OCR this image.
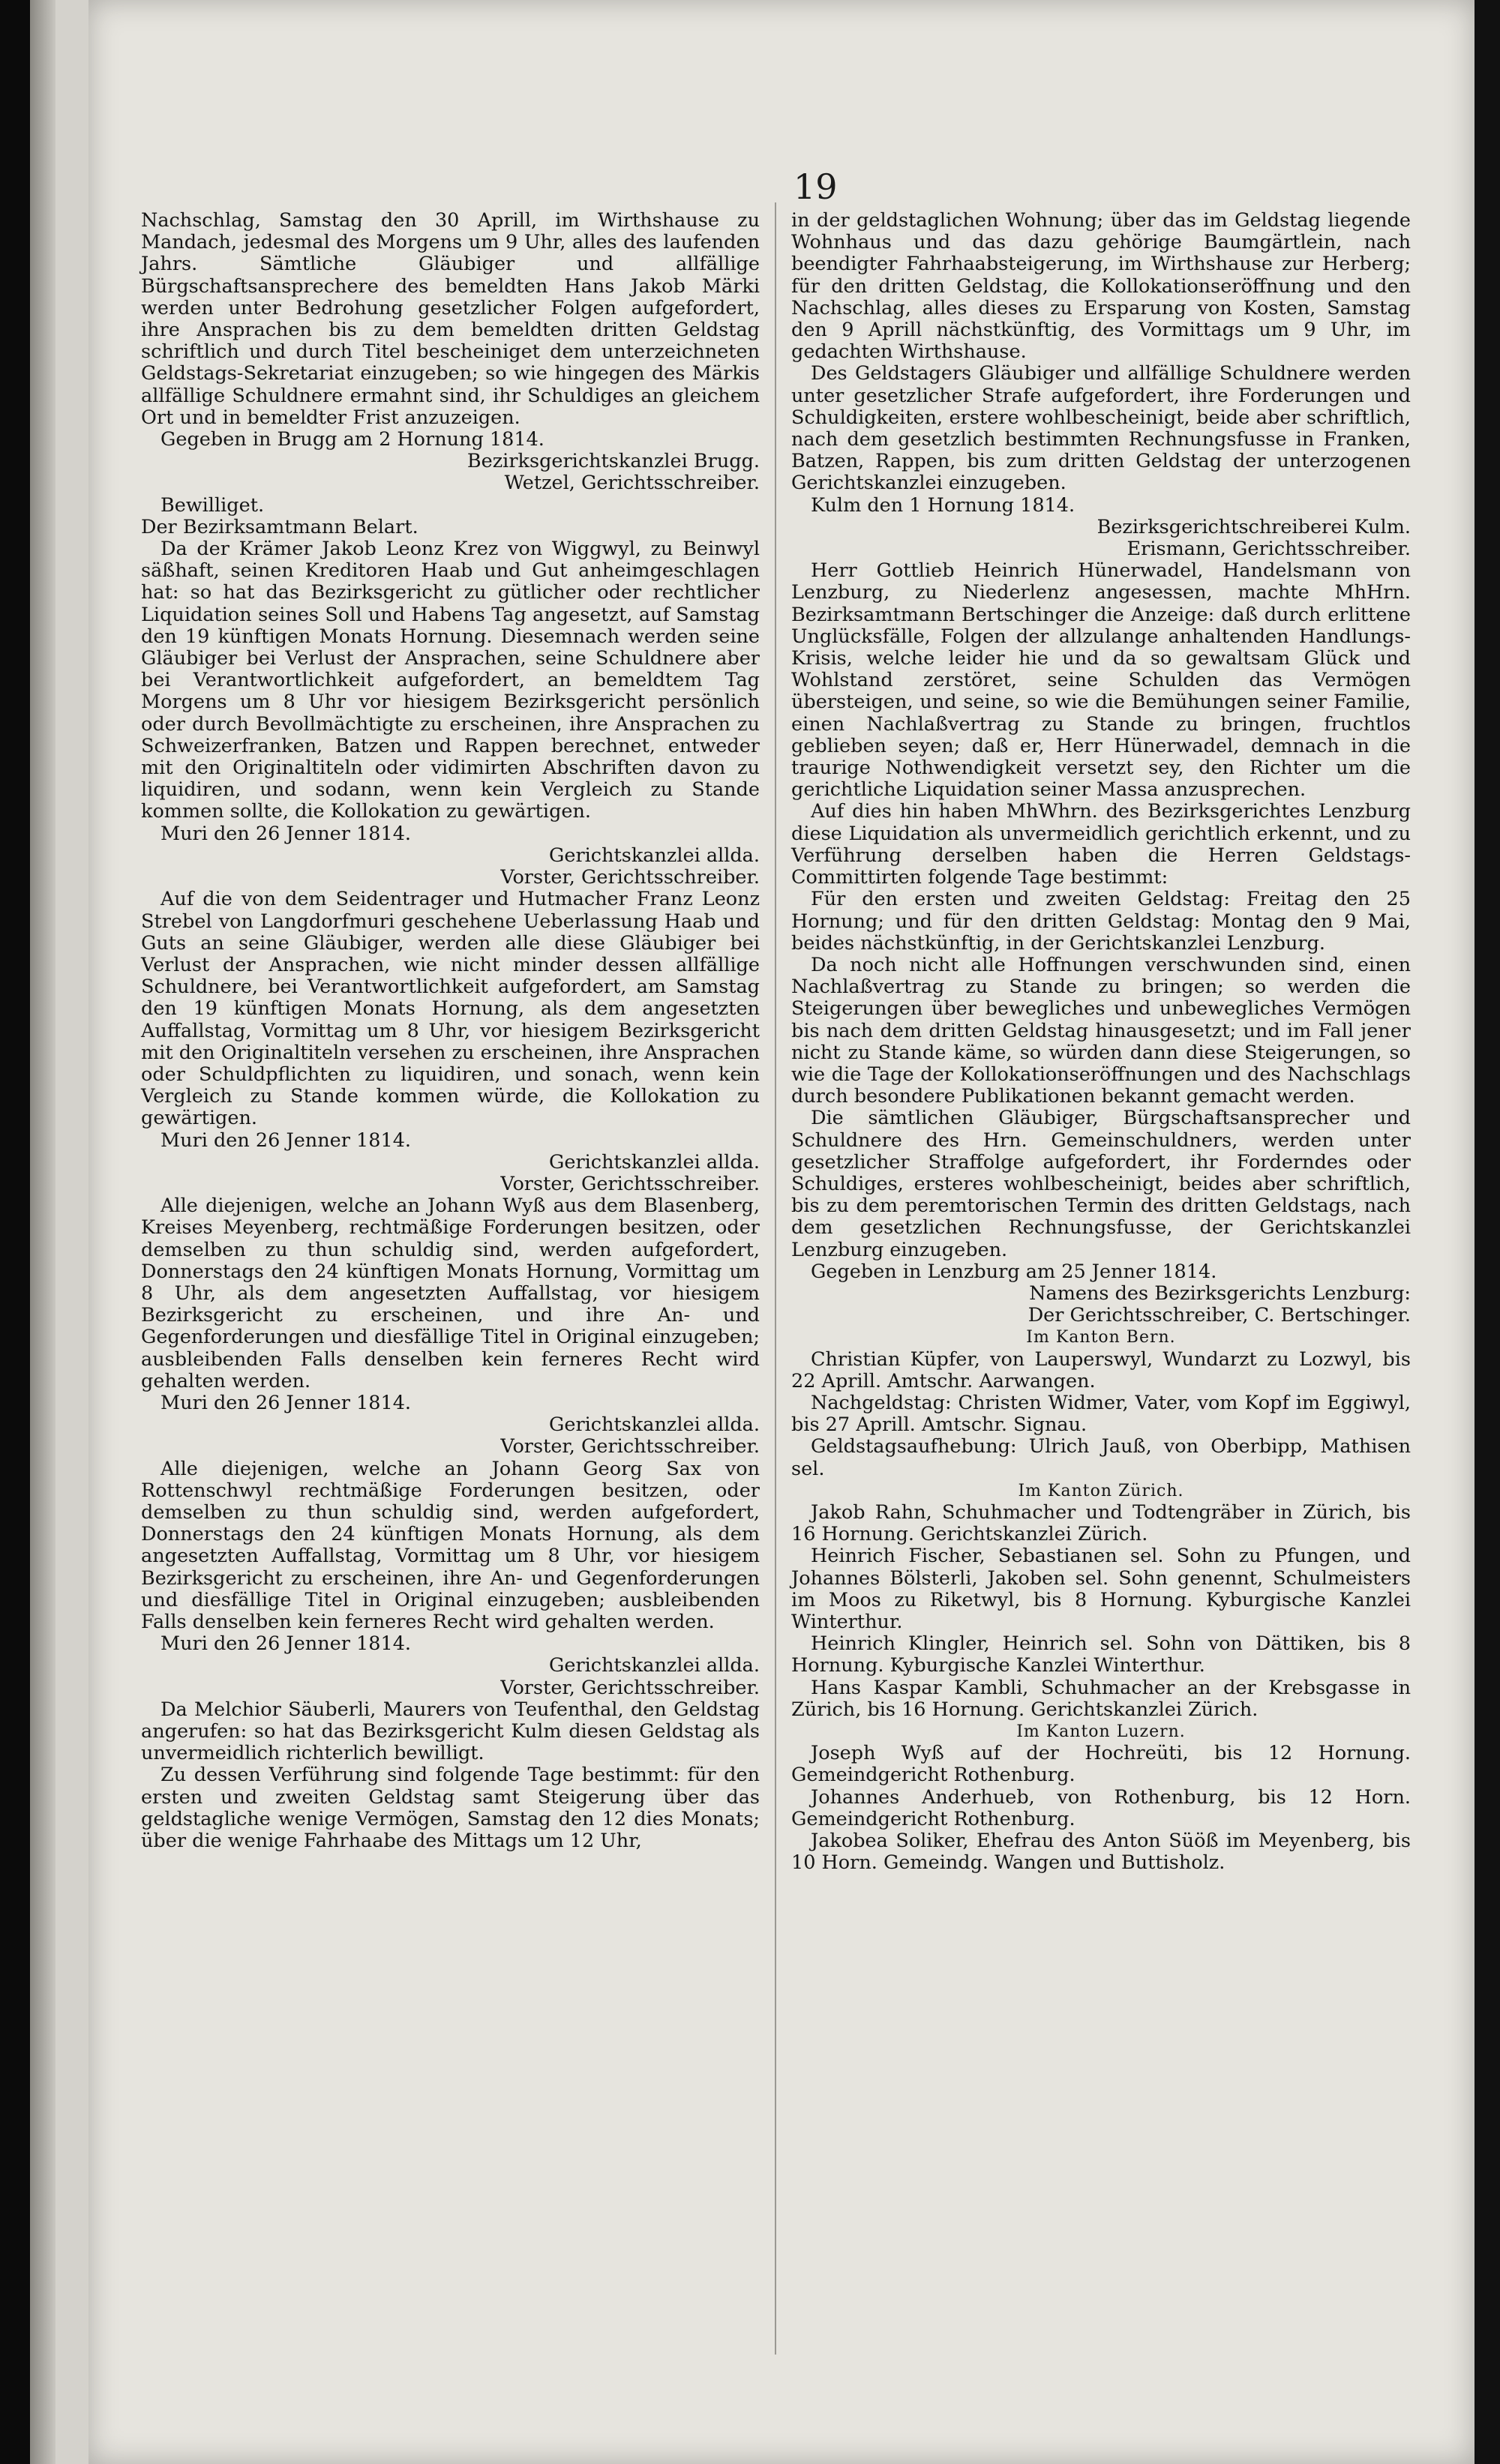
19

Nachschlag, Samstag den 30 Aprill, im Wirthshause zu Mandach, jedesmal des Morgens um 9 Uhr, alles des laufenden Jahrs. Sämtliche Gläubiger und allfällige Bürgschaftsansprechere des bemeldten Hans Jakob Märki werden unter Bedrohung gesetzlicher Folgen aufgefordert, ihre Ansprachen bis zu dem bemeldten dritten Geldstag schriftlich und durch Titel bescheiniget dem unterzeichneten Geldstags-Sekretariat einzugeben; so wie hingegen des Märkis allfällige Schuldnere ermahnt sind, ihr Schuldiges an gleichem Ort und in bemeldter Frist anzuzeigen.

Gegeben in Brugg am 2 Hornung 1814.

Bezirksgerichtskanzlei Brugg.

Wetzel, Gerichtsschreiber.

Bewilliget.

Der Bezirksamtmann Belart.

Da der Krämer Jakob Leonz Krez von Wiggwyl, zu Beinwyl säßhaft, seinen Kreditoren Haab und Gut anheimgeschlagen hat: so hat das Bezirksgericht zu gütlicher oder rechtlicher Liquidation seines Soll und Habens Tag angesetzt, auf Samstag den 19 künftigen Monats Hornung. Diesemnach werden seine Gläubiger bei Verlust der Ansprachen, seine Schuldnere aber bei Verantwortlichkeit aufgefordert, an bemeldtem Tag Morgens um 8 Uhr vor hiesigem Bezirksgericht persönlich oder durch Bevollmächtigte zu erscheinen, ihre Ansprachen zu Schweizerfranken, Batzen und Rappen berechnet, entweder mit den Originaltiteln oder vidimirten Abschriften davon zu liquidiren, und sodann, wenn kein Vergleich zu Stande kommen sollte, die Kollokation zu gewärtigen.

Muri den 26 Jenner 1814.

Gerichtskanzlei allda.

Vorster, Gerichtsschreiber.

Auf die von dem Seidentrager und Hutmacher Franz Leonz Strebel von Langdorfmuri geschehene Ueberlassung Haab und Guts an seine Gläubiger, werden alle diese Gläubiger bei Verlust der Ansprachen, wie nicht minder dessen allfällige Schuldnere, bei Verantwortlichkeit aufgefordert, am Samstag den 19 künftigen Monats Hornung, als dem angesetzten Auffallstag, Vormittag um 8 Uhr, vor hiesigem Bezirksgericht mit den Originaltiteln versehen zu erscheinen, ihre Ansprachen oder Schuldpflichten zu liquidiren, und sonach, wenn kein Vergleich zu Stande kommen würde, die Kollokation zu gewärtigen.

Muri den 26 Jenner 1814.

Gerichtskanzlei allda.

Vorster, Gerichtsschreiber.

Alle diejenigen, welche an Johann Wyß aus dem Blasenberg, Kreises Meyenberg, rechtmäßige Forderungen besitzen, oder demselben zu thun schuldig sind, werden aufgefordert, Donnerstags den 24 künftigen Monats Hornung, Vormittag um 8 Uhr, als dem angesetzten Auffallstag, vor hiesigem Bezirksgericht zu erscheinen, und ihre An- und Gegenforderungen und diesfällige Titel in Original einzugeben; ausbleibenden Falls denselben kein ferneres Recht wird gehalten werden.

Muri den 26 Jenner 1814.

Gerichtskanzlei allda.

Vorster, Gerichtsschreiber.

Alle diejenigen, welche an Johann Georg Sax von Rottenschwyl rechtmäßige Forderungen besitzen, oder demselben zu thun schuldig sind, werden aufgefordert, Donnerstags den 24 künftigen Monats Hornung, als dem angesetzten Auffallstag, Vormittag um 8 Uhr, vor hiesigem Bezirksgericht zu erscheinen, ihre An- und Gegenforderungen und diesfällige Titel in Original einzugeben; ausbleibenden Falls denselben kein ferneres Recht wird gehalten werden.

Muri den 26 Jenner 1814.

Gerichtskanzlei allda.

Vorster, Gerichtsschreiber.

Da Melchior Säuberli, Maurers von Teufenthal, den Geldstag angerufen: so hat das Bezirksgericht Kulm diesen Geldstag als unvermeidlich richterlich bewilligt.

Zu dessen Verführung sind folgende Tage bestimmt: für den ersten und zweiten Geldstag samt Steigerung über das geldstagliche wenige Vermögen, Samstag den 12 dies Monats; über die wenige Fahrhaabe des Mittags um 12 Uhr,

in der geldstaglichen Wohnung; über das im Geldstag liegende Wohnhaus und das dazu gehörige Baumgärtlein, nach beendigter Fahrhaabsteigerung, im Wirthshause zur Herberg; für den dritten Geldstag, die Kollokationseröffnung und den Nachschlag, alles dieses zu Ersparung von Kosten, Samstag den 9 Aprill nächstkünftig, des Vormittags um 9 Uhr, im gedachten Wirthshause.

Des Geldstagers Gläubiger und allfällige Schuldnere werden unter gesetzlicher Strafe aufgefordert, ihre Forderungen und Schuldigkeiten, erstere wohlbescheinigt, beide aber schriftlich, nach dem gesetzlich bestimmten Rechnungsfusse in Franken, Batzen, Rappen, bis zum dritten Geldstag der unterzogenen Gerichtskanzlei einzugeben.

Kulm den 1 Hornung 1814.

Bezirksgerichtschreiberei Kulm.

Erismann, Gerichtsschreiber.

Herr Gottlieb Heinrich Hünerwadel, Handelsmann von Lenzburg, zu Niederlenz angesessen, machte MhHrn. Bezirksamtmann Bertschinger die Anzeige: daß durch erlittene Unglücksfälle, Folgen der allzulange anhaltenden Handlungs-Krisis, welche leider hie und da so gewaltsam Glück und Wohlstand zerstöret, seine Schulden das Vermögen übersteigen, und seine, so wie die Bemühungen seiner Familie, einen Nachlaßvertrag zu Stande zu bringen, fruchtlos geblieben seyen; daß er, Herr Hünerwadel, demnach in die traurige Nothwendigkeit versetzt sey, den Richter um die gerichtliche Liquidation seiner Massa anzusprechen.

Auf dies hin haben MhWhrn. des Bezirksgerichtes Lenzburg diese Liquidation als unvermeidlich gerichtlich erkennt, und zu Verführung derselben haben die Herren Geldstags-Committirten folgende Tage bestimmt:

Für den ersten und zweiten Geldstag: Freitag den 25 Hornung; und für den dritten Geldstag: Montag den 9 Mai, beides nächstkünftig, in der Gerichtskanzlei Lenzburg.

Da noch nicht alle Hoffnungen verschwunden sind, einen Nachlaßvertrag zu Stande zu bringen; so werden die Steigerungen über bewegliches und unbewegliches Vermögen bis nach dem dritten Geldstag hinausgesetzt; und im Fall jener nicht zu Stande käme, so würden dann diese Steigerungen, so wie die Tage der Kollokationseröffnungen und des Nachschlags durch besondere Publikationen bekannt gemacht werden.

Die sämtlichen Gläubiger, Bürgschaftsansprecher und Schuldnere des Hrn. Gemeinschuldners, werden unter gesetzlicher Straffolge aufgefordert, ihr Forderndes oder Schuldiges, ersteres wohlbescheinigt, beides aber schriftlich, bis zu dem peremtorischen Termin des dritten Geldstags, nach dem gesetzlichen Rechnungsfusse, der Gerichtskanzlei Lenzburg einzugeben.

Gegeben in Lenzburg am 25 Jenner 1814.

Namens des Bezirksgerichts Lenzburg:

Der Gerichtsschreiber, C. Bertschinger.

Im Kanton Bern.

Christian Küpfer, von Lauperswyl, Wundarzt zu Lozwyl, bis 22 Aprill. Amtschr. Aarwangen.

Nachgeldstag: Christen Widmer, Vater, vom Kopf im Eggiwyl, bis 27 Aprill. Amtschr. Signau.

Geldstagsaufhebung: Ulrich Jauß, von Oberbipp, Mathisen sel.

Im Kanton Zürich.

Jakob Rahn, Schuhmacher und Todtengräber in Zürich, bis 16 Hornung. Gerichtskanzlei Zürich.

Heinrich Fischer, Sebastianen sel. Sohn zu Pfungen, und Johannes Bölsterli, Jakoben sel. Sohn genennt, Schulmeisters im Moos zu Riketwyl, bis 8 Hornung. Kyburgische Kanzlei Winterthur.

Heinrich Klingler, Heinrich sel. Sohn von Dättiken, bis 8 Hornung. Kyburgische Kanzlei Winterthur.

Hans Kaspar Kambli, Schuhmacher an der Krebsgasse in Zürich, bis 16 Hornung. Gerichtskanzlei Zürich.

Im Kanton Luzern.

Joseph Wyß auf der Hochreüti, bis 12 Hornung. Gemeindgericht Rothenburg.

Johannes Anderhueb, von Rothenburg, bis 12 Horn. Gemeindgericht Rothenburg.

Jakobea Soliker, Ehefrau des Anton Süöß im Meyenberg, bis 10 Horn. Gemeindg. Wangen und Buttisholz.
